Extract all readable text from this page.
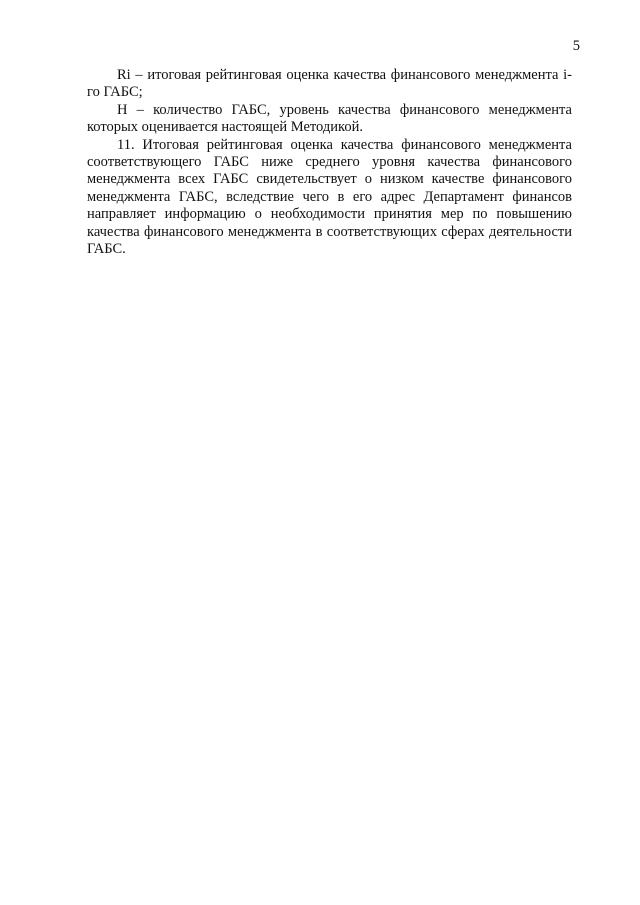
5

Ri – итоговая рейтинговая оценка качества финансового менеджмента i-го ГАБС;

Н – количество ГАБС, уровень качества финансового менеджмента которых оценивается настоящей Методикой.

11. Итоговая рейтинговая оценка качества финансового менеджмента соответствующего ГАБС ниже среднего уровня качества финансового менеджмента всех ГАБС свидетельствует о низком качестве финансового менеджмента ГАБС, вследствие чего в его адрес Департамент финансов направляет информацию о необходимости принятия мер по повышению качества финансового менеджмента в соответствующих сферах деятельности ГАБС.
